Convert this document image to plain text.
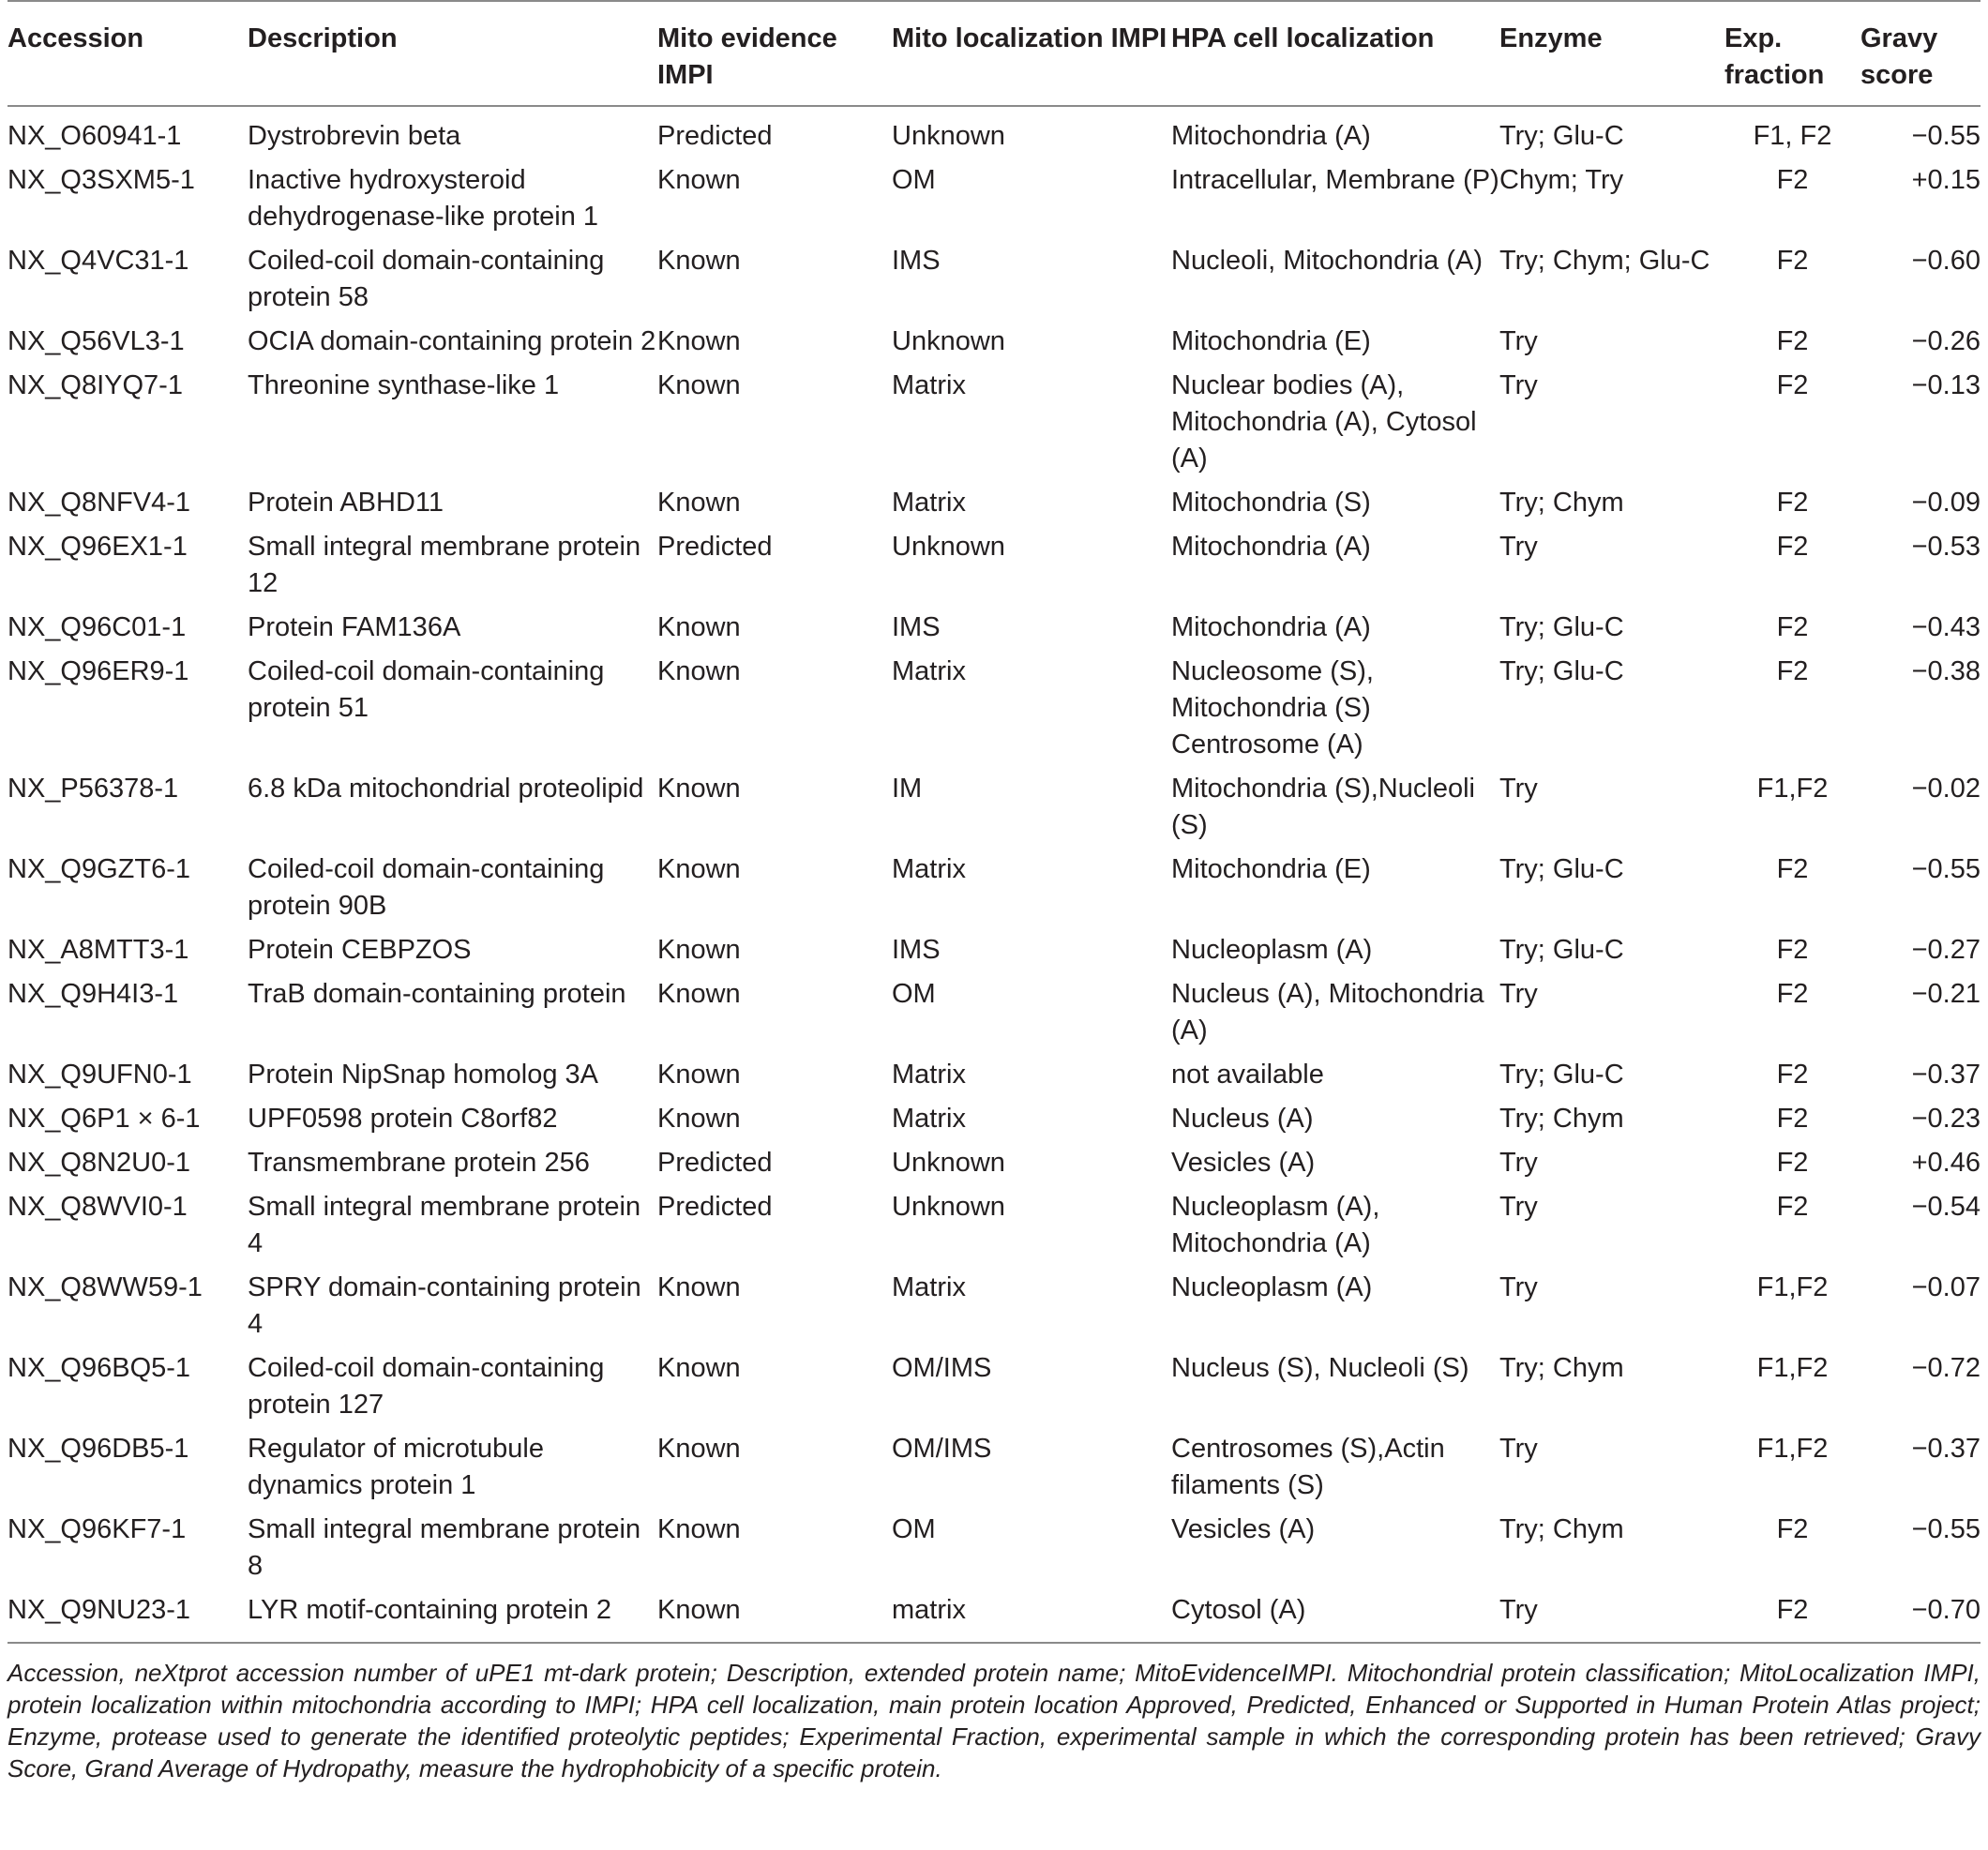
Accession	Description	Mito evidence IMPI	Mito localization IMPI	HPA cell localization	Enzyme	Exp. fraction	Gravy score
NX_O60941-1	Dystrobrevin beta	Predicted	Unknown	Mitochondria (A)	Try; Glu-C	F1, F2	−0.55
NX_Q3SXM5-1	Inactive hydroxysteroid dehydrogenase-like protein 1	Known	OM	Intracellular, Membrane (P)	Chym; Try	F2	+0.15
NX_Q4VC31-1	Coiled-coil domain-containing protein 58	Known	IMS	Nucleoli, Mitochondria (A)	Try; Chym; Glu-C	F2	−0.60
NX_Q56VL3-1	OCIA domain-containing protein 2	Known	Unknown	Mitochondria (E)	Try	F2	−0.26
NX_Q8IYQ7-1	Threonine synthase-like 1	Known	Matrix	Nuclear bodies (A), Mitochondria (A), Cytosol (A)	Try	F2	−0.13
NX_Q8NFV4-1	Protein ABHD11	Known	Matrix	Mitochondria (S)	Try; Chym	F2	−0.09
NX_Q96EX1-1	Small integral membrane protein 12	Predicted	Unknown	Mitochondria (A)	Try	F2	−0.53
NX_Q96C01-1	Protein FAM136A	Known	IMS	Mitochondria (A)	Try; Glu-C	F2	−0.43
NX_Q96ER9-1	Coiled-coil domain-containing protein 51	Known	Matrix	Nucleosome (S), Mitochondria (S) Centrosome (A)	Try; Glu-C	F2	−0.38
NX_P56378-1	6.8 kDa mitochondrial proteolipid	Known	IM	Mitochondria (S),Nucleoli (S)	Try	F1,F2	−0.02
NX_Q9GZT6-1	Coiled-coil domain-containing protein 90B	Known	Matrix	Mitochondria (E)	Try; Glu-C	F2	−0.55
NX_A8MTT3-1	Protein CEBPZOS	Known	IMS	Nucleoplasm (A)	Try; Glu-C	F2	−0.27
NX_Q9H4I3-1	TraB domain-containing protein	Known	OM	Nucleus (A), Mitochondria (A)	Try	F2	−0.21
NX_Q9UFN0-1	Protein NipSnap homolog 3A	Known	Matrix	not available	Try; Glu-C	F2	−0.37
NX_Q6P1 × 6-1	UPF0598 protein C8orf82	Known	Matrix	Nucleus (A)	Try; Chym	F2	−0.23
NX_Q8N2U0-1	Transmembrane protein 256	Predicted	Unknown	Vesicles (A)	Try	F2	+0.46
NX_Q8WVI0-1	Small integral membrane protein 4	Predicted	Unknown	Nucleoplasm (A), Mitochondria (A)	Try	F2	−0.54
NX_Q8WW59-1	SPRY domain-containing protein 4	Known	Matrix	Nucleoplasm (A)	Try	F1,F2	−0.07
NX_Q96BQ5-1	Coiled-coil domain-containing protein 127	Known	OM/IMS	Nucleus (S), Nucleoli (S)	Try; Chym	F1,F2	−0.72
NX_Q96DB5-1	Regulator of microtubule dynamics protein 1	Known	OM/IMS	Centrosomes (S),Actin filaments (S)	Try	F1,F2	−0.37
NX_Q96KF7-1	Small integral membrane protein 8	Known	OM	Vesicles (A)	Try; Chym	F2	−0.55
NX_Q9NU23-1	LYR motif-containing protein 2	Known	matrix	Cytosol (A)	Try	F2	−0.70
Accession, neXtprot accession number of uPE1 mt-dark protein; Description, extended protein name; MitoEvidenceIMPI. Mitochondrial protein classification; MitoLocalization IMPI, protein localization within mitochondria according to IMPI; HPA cell localization, main protein location Approved, Predicted, Enhanced or Supported in Human Protein Atlas project; Enzyme, protease used to generate the identified proteolytic peptides; Experimental Fraction, experimental sample in which the corresponding protein has been retrieved; Gravy Score, Grand Average of Hydropathy, measure the hydrophobicity of a specific protein.
